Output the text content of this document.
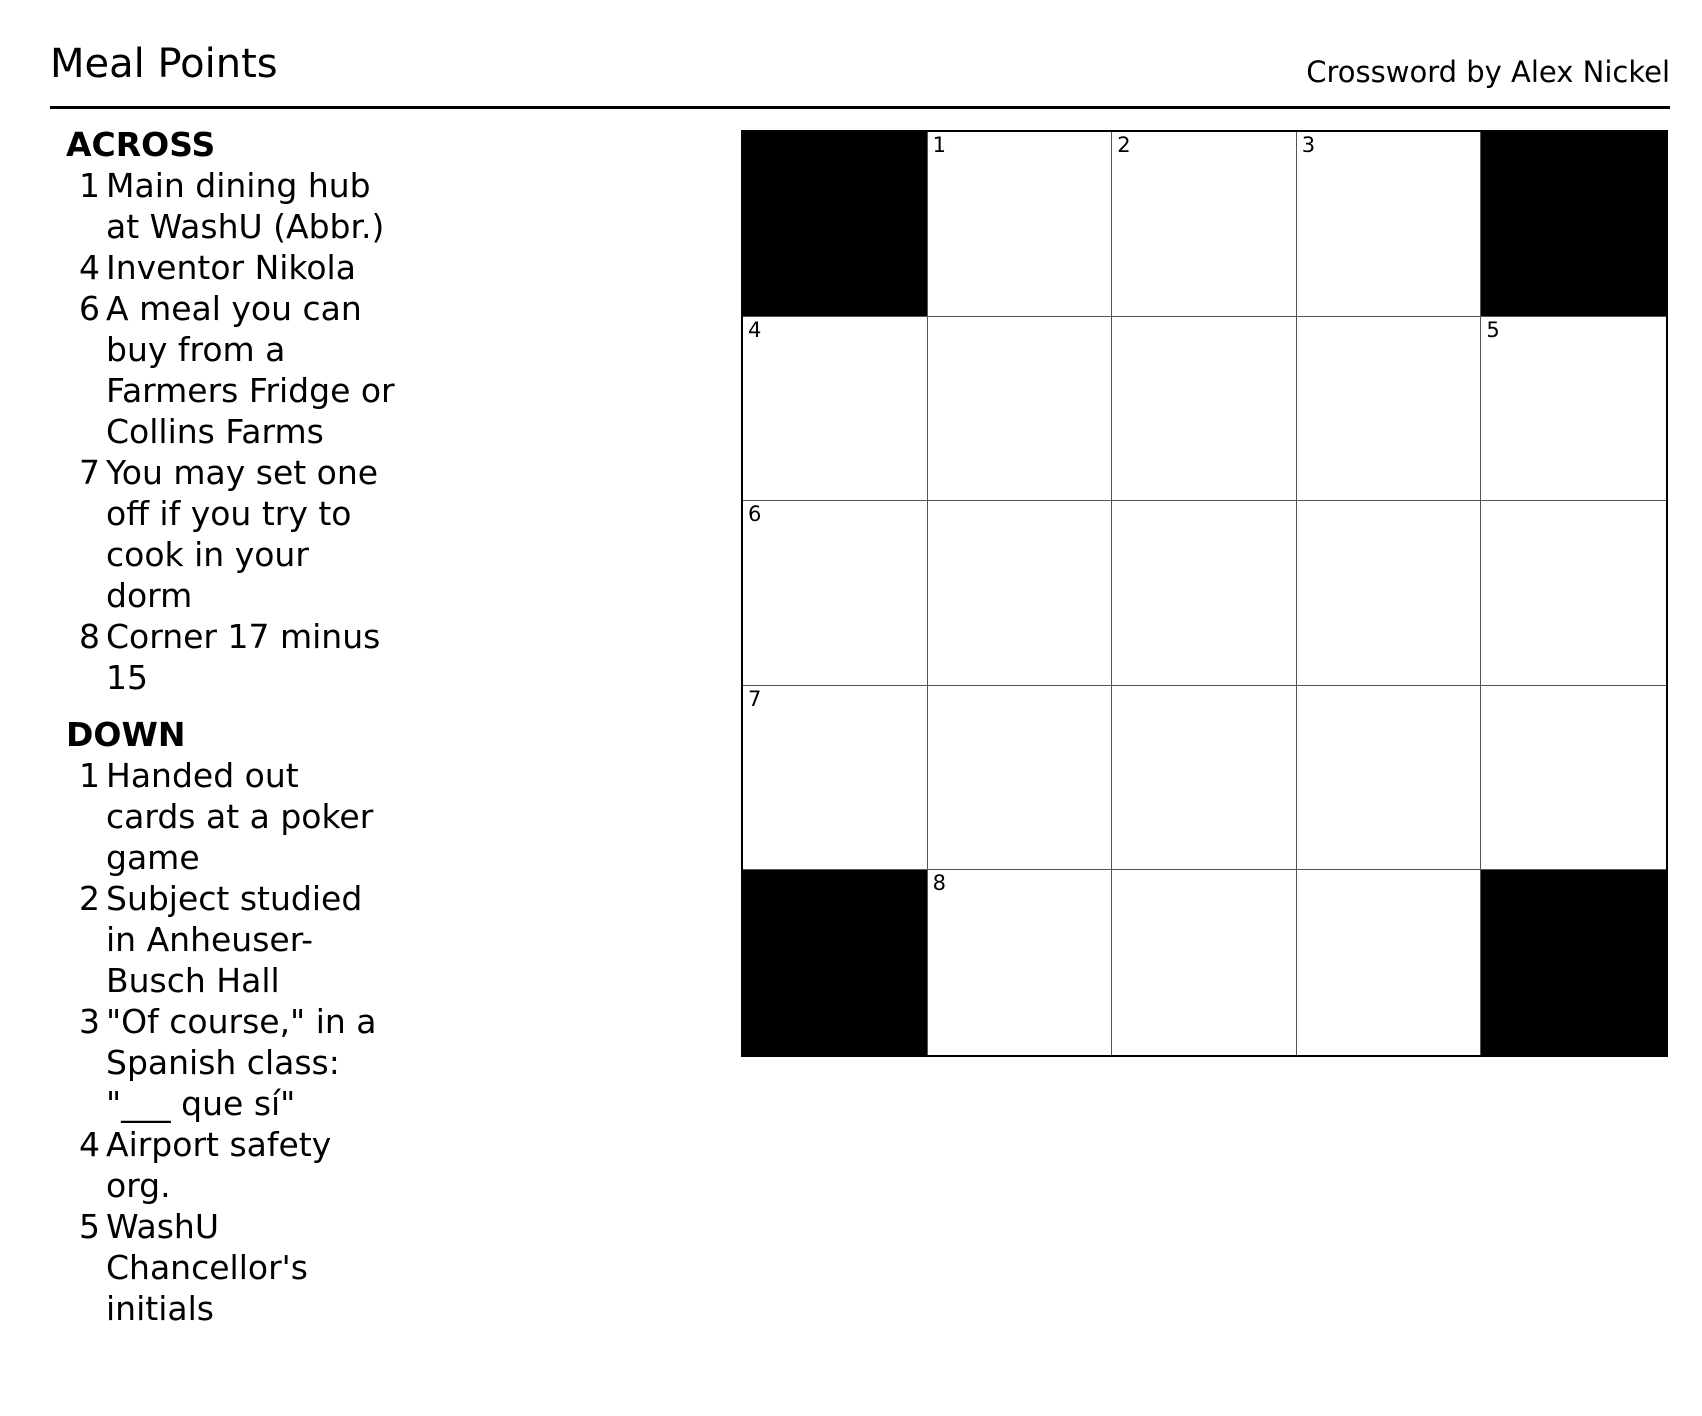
Meal Points	Crossword by Alex Nickel
ACROSS
1 Main dining hub at WashU (Abbr.)
4 Inventor Nikola
6 A meal you can buy from a Farmers Fridge or Collins Farms
7 You may set one off if you try to cook in your dorm
8 Corner 17 minus 15
DOWN
1 Handed out cards at a poker game
2 Subject studied in Anheuser-Busch Hall
3 "Of course," in a Spanish class: "___ que sí"
4 Airport safety org.
5 WashU Chancellor's initials
1	2	3
4	5
6
7
8
